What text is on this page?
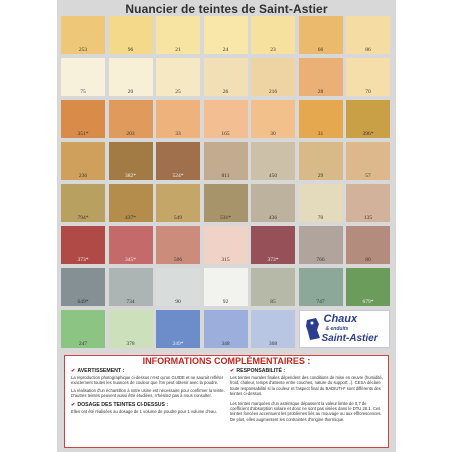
Nuancier de teintes de Saint-Astier
253	96	21	24	23	66	86
75	20	25	26	216	28	70
351*	203	33	165	30	31	396*
236	382*	524*	811	450	29	57
794*	437*	549	531*	436	70	135
373*	345*	506	315	373*	766	80
649*	734	90	92	85	747	679*
247	378	249*	348	368
Chaux
& enduits
Saint-Astier
INFORMATIONS COMPLÉMENTAIRES :
✔ AVERTISSEMENT :
La reproduction photographique ci-dessus n'est qu'un GUIDE et ne saurait refléter exactement toutes les nuances de couleur que l'on peut obtenir avec la poudre.
La réalisation d'un échantillon à notre usine est nécessaire pour confirmer la teinte. D'autres teintes peuvent aussi être étudiées, n'hésitez pas à nous consulter.
✔ DOSAGE DES TEINTES CI-DESSUS :
Elles ont été réalisées au dosage de 1 volume de poudre pour 1 volume d'eau.
✔ RESPONSABILITÉ :
Les teintes murales finales dépendent des conditions de mise en œuvre (humidité, froid, chaleur, temps d'attente entre couches, nature du support...). CESA déclare toute responsabilité si la couleur et l'aspect final du BADIUTH* sont différents des teintes ci-dessus.
Les teintes marquées d'un astérisque dépassent la valeur limite de 0,7 de coefficient d'absorption solaire et donc ne sont pas visées dans le DTU 26.1. Ces teintes foncées accentuent les problèmes liés au mouvage ou aux efflorescences. De plus, elles augmentent les contraintes d'origine thermique.
